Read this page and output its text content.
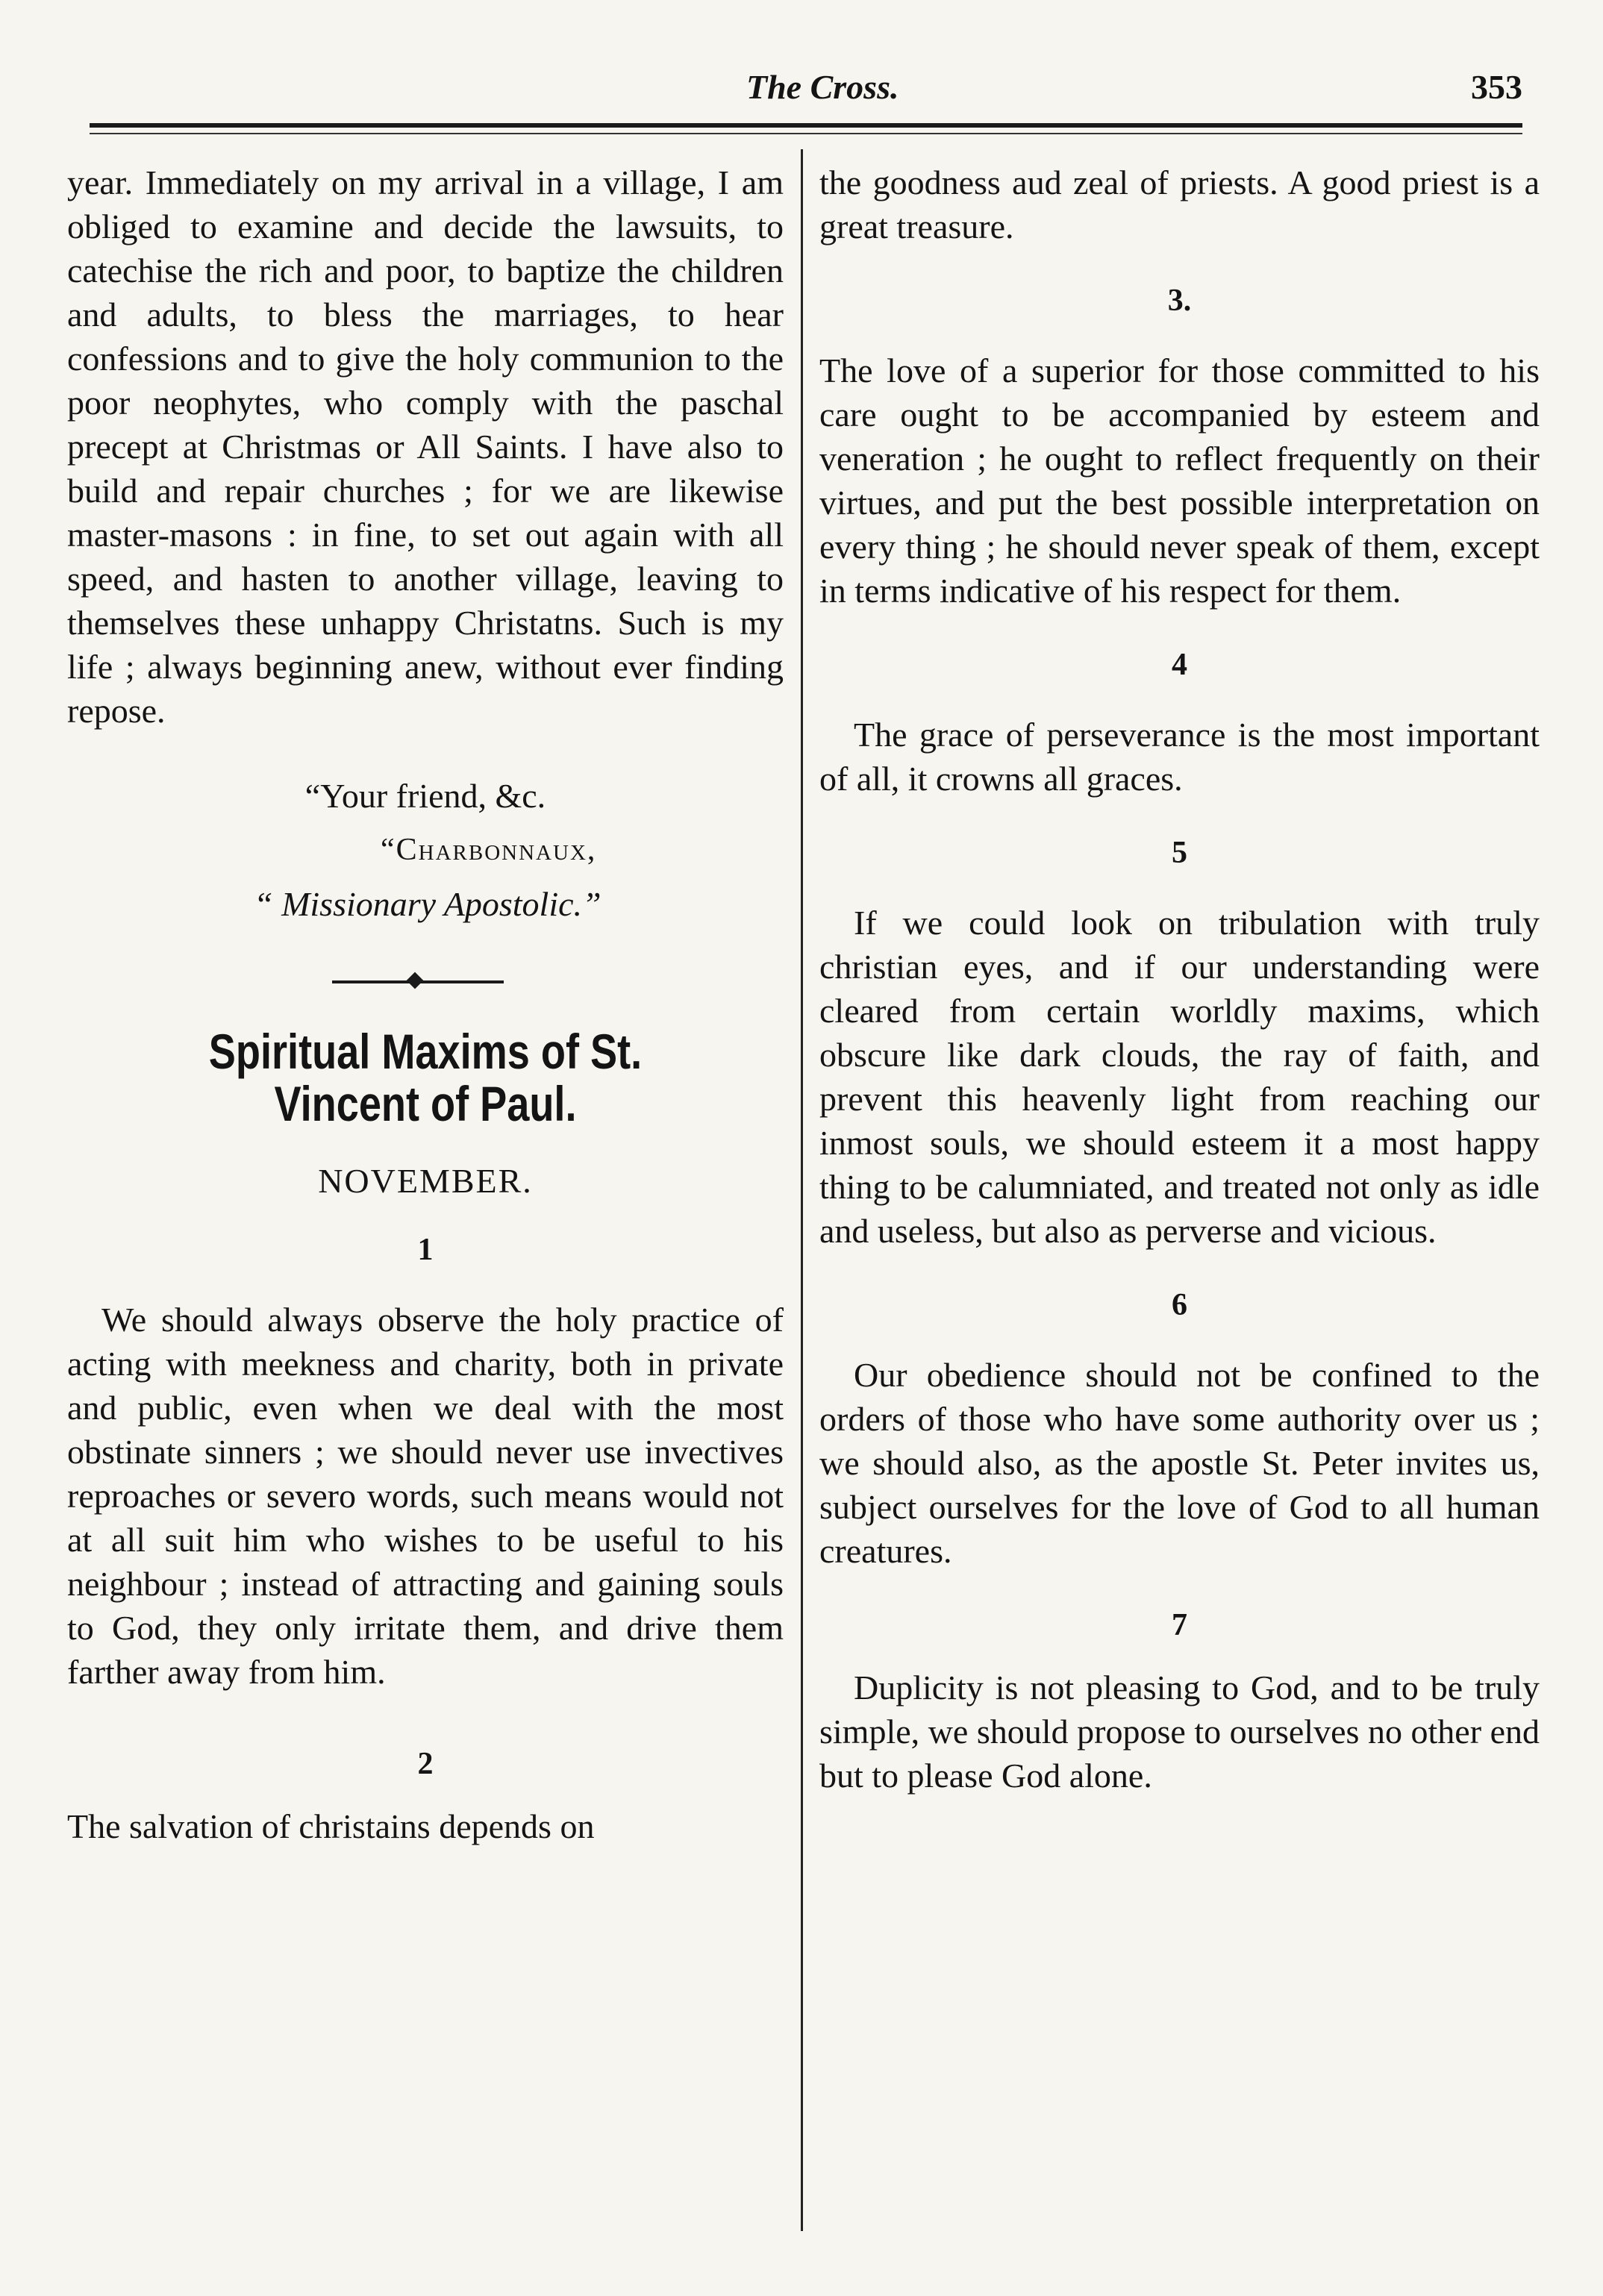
The Cross.	353

year. Immediately on my arrival in a village, I am obliged to examine and decide the lawsuits, to catechise the rich and poor, to baptize the children and adults, to bless the marriages, to hear confessions and to give the holy communion to the poor neophytes, who comply with the paschal precept at Christmas or All Saints. I have also to build and repair churches ; for we are likewise master-masons : in fine, to set out again with all speed, and hasten to another village, leaving to themselves these unhappy Christatns. Such is my life ; always beginning anew, without ever finding repose.

“Your friend, &c.

“Charbonnaux,

“ Missionary Apostolic.”

Spiritual Maxims of St. Vincent of Paul.

NOVEMBER.

1

We should always observe the holy practice of acting with meekness and charity, both in private and public, even when we deal with the most obstinate sinners ; we should never use invectives reproaches or severo words, such means would not at all suit him who wishes to be useful to his neighbour ; instead of attracting and gaining souls to God, they only irritate them, and drive them farther away from him.

2

The salvation of christains depends on

the goodness aud zeal of priests. A good priest is a great treasure.

3.

The love of a superior for those committed to his care ought to be accompanied by esteem and veneration ; he ought to reflect frequently on their virtues, and put the best possible interpretation on every thing ; he should never speak of them, except in terms indicative of his respect for them.

4

The grace of perseverance is the most important of all, it crowns all graces.

5

If we could look on tribulation with truly christian eyes, and if our understanding were cleared from certain worldly maxims, which obscure like dark clouds, the ray of faith, and prevent this heavenly light from reaching our inmost souls, we should esteem it a most happy thing to be calumniated, and treated not only as idle and useless, but also as perverse and vicious.

6

Our obedience should not be confined to the orders of those who have some authority over us ; we should also, as the apostle St. Peter invites us, subject ourselves for the love of God to all human creatures.

7

Duplicity is not pleasing to God, and to be truly simple, we should propose to ourselves no other end but to please God alone.
